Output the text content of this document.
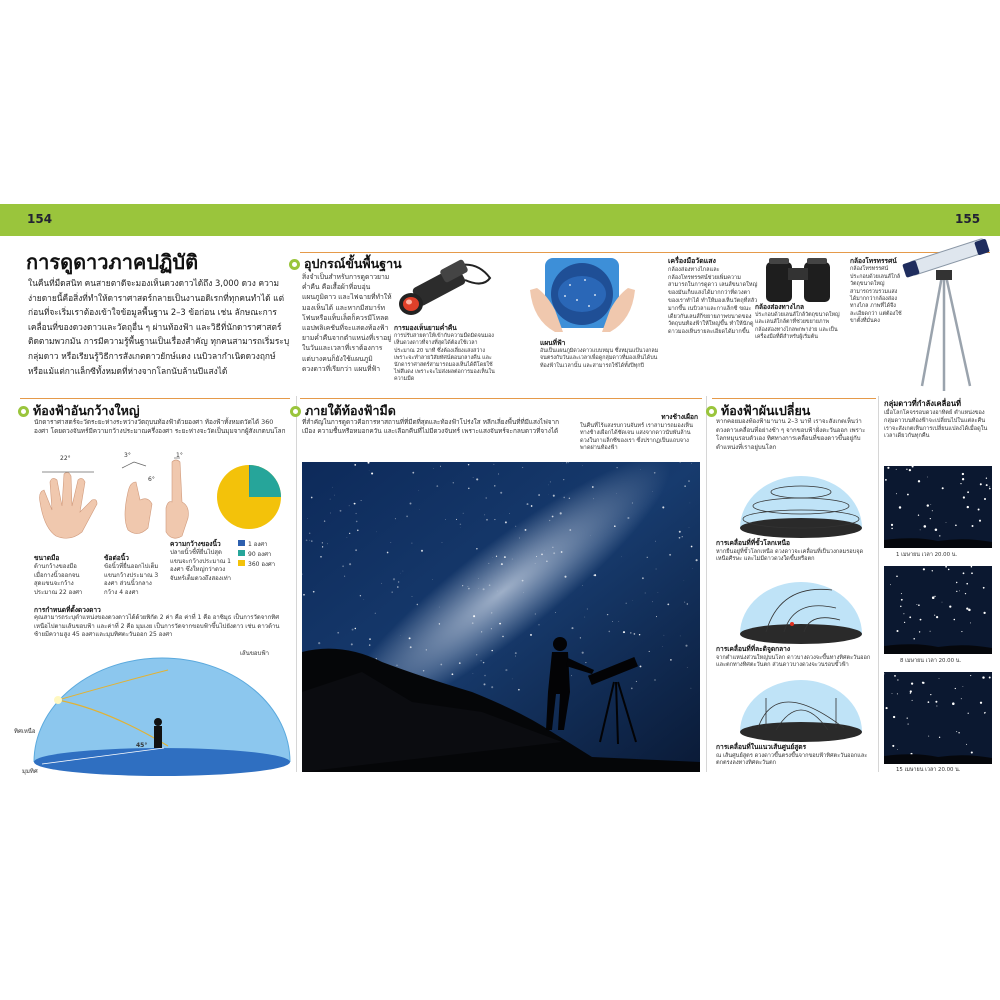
154	155
การดูดาวภาคปฏิบัติ
ในคืนที่มืดสนิท คนสายตาดีจะมองเห็นดวงดาวได้ถึง 3,000 ดวง ความง่ายดายนี้คือสิ่งที่ทำให้ดาราศาสตร์กลายเป็นงานอดิเรกที่ทุกคนทำได้ แต่ก่อนที่จะเริ่มเราต้องเข้าใจข้อมูลพื้นฐาน 2–3 ข้อก่อน เช่น ลักษณะการเคลื่อนที่ของดวงดาวและวัตถุอื่น ๆ ผ่านท้องฟ้า และวิธีที่นักดาราศาสตร์ติดตามพวกมัน การมีความรู้พื้นฐานเป็นเรื่องสำคัญ ทุกคนสามารถเริ่มระบุกลุ่มดาว หรือเรียนรู้วิธีการสังเกตดาวยักษ์แดง เนบิวลากำเนิดดวงฤกษ์ หรือแม้แต่กาแล็กซีทั้งหมดที่ห่างจากโลกนับล้านปีแสงได้
อุปกรณ์ขั้นพื้นฐาน
สิ่งจำเป็นสำหรับการดูดาวยามค่ำคืน คือเสื้อผ้าที่อบอุ่น แผนภูมิดาว และไฟฉายที่ทำให้มองเห็นได้ และหากมีสมาร์ทโฟนหรือแท็บเล็ตก็ควรมีโหลดแอปพลิเคชันที่จะแสดงท้องฟ้ายามค่ำคืนจากตำแหน่งที่เราอยู่ในวันและเวลาที่เราต้องการ แต่บางคนก็ยังใช้แผนภูมิดวงดาวที่เรียกว่า แผนที่ฟ้า
การมองเห็นยามค่ำคืน
การปรับสายตาให้เข้ากับความมืดมิดจนมองเห็นดวงดาวที่จางที่สุดได้ต้องใช้เวลาประมาณ 20 นาที ซึ่งต้องเลี่ยงแสงสว่างเพราะจะทำลายวิสัยทัศน์ตอนกลางคืน และนักดาราศาสตร์สามารถมองเห็นได้ดีโดยใช้ไฟสีแดง เพราะจะไม่ส่งผลต่อการมองเห็นในความมืด
แผนที่ฟ้า
อันเป็นแผนภูมิดวงดาวแบบหมุน ซึ่งหมุนแป้นวงกลมจนตรงกับวันและเวลาเพื่อดูกลุ่มดาวที่มองเห็นได้บนท้องฟ้าในเวลานั้น และสามารถใช้ได้ทั้งปีทุกปี
เครื่องมือวัดแสง
กล้องส่องทางไกลและกล้องโทรทรรศน์ช่วยเพิ่มความสามารถในการดูดาว เลนส์ขนาดใหญ่ของมันเก็บแสงได้มากกว่าที่ดวงตาของเราทำได้ ทำให้มองเห็นวัตถุที่สลัวมากขึ้น เนบิวลาและกาแล็กซี ขณะเดียวกันเลนส์ก็ขยายภาพขนาดของวัตถุบนท้องฟ้าให้ใหญ่ขึ้น ทำให้นักดูดาวมองเห็นรายละเอียดได้มากขึ้น
กล้องส่องทางไกล
ประกอบด้วยเลนส์ใกล้วัตถุขนาดใหญ่ และเลนส์ใกล้ตาที่ช่วยขยายภาพ กล้องส่องทางไกลพกพาง่าย และเป็นเครื่องมือที่ดีสำหรับผู้เริ่มต้น
กล้องโทรทรรศน์
กล้องโทรทรรศน์ประกอบด้วยเลนส์ใกล้วัตถุขนาดใหญ่ สามารถรวบรวมแสงได้มากกว่ากล้องส่องทางไกล ภาพที่ได้จึงละเอียดกว่า แต่ต้องใช้ขาตั้งที่มั่นคง
ท้องฟ้าอันกว้างใหญ่
นักดาราศาสตร์จะวัดระยะห่างระหว่างวัตถุบนท้องฟ้าด้วยองศา ท้องฟ้าทั้งหมดวัดได้ 360 องศา โดยดวงจันทร์มีความกว้างประมาณครึ่งองศา ระยะห่างจะวัดเป็นมุมจากผู้สังเกตบนโลก
22°	3°
6°
1°
ขนาดมือ
ด้านกว้างของมือเมื่อกางนิ้วออกจนสุดแขนจะกว้างประมาณ 22 องศา
ข้อต่อนิ้ว
ข้อนิ้วที่ยื่นออกไปเต็มแขนกว้างประมาณ 3 องศา ส่วนนิ้วกลางกว้าง 4 องศา
ความกว้างของนิ้ว
ปลายนิ้วชี้ที่ยื่นไปสุดแขนจะกว้างประมาณ 1 องศา ซึ่งใหญ่กว่าดวงจันทร์เต็มดวงถึงสองเท่า
1 องศา
90 องศา
360 องศา
การกำหนดที่ตั้งดวงดาว
คุณสามารถระบุตำแหน่งของดวงดาวได้ด้วยพิกัด 2 ค่า คือ ค่าที่ 1 คือ อาซิมุธ เป็นการวัดจากทิศเหนือไปตามเส้นขอบฟ้า และค่าที่ 2 คือ มุมเงย เป็นการวัดจากขอบฟ้าขึ้นไปยังดาว เช่น ดาวด้านซ้ายมีความสูง 45 องศาและมุมทิศตะวันออก 25 องศา
เส้นขอบฟ้า
ทิศเหนือ
มุมทิศ
45°
ภายใต้ท้องฟ้ามืด
ที่สำคัญในการดูดาวคือการหาสถานที่ที่มืดที่สุดและท้องฟ้าโปร่งใส หลีกเลี่ยงพื้นที่ที่มีแสงไฟจากเมือง ความชื้นหรือหมอกควัน และเลือกคืนที่ไม่มีดวงจันทร์ เพราะแสงจันทร์จะกลบดาวที่จางได้
ทางช้างเผือก
ในคืนที่ไร้แสงรบกวนจันทร์ เราสามารถมองเห็นทางช้างเผือกได้ชัดเจน แสงจากดาวนับพันล้านดวงในกาแล็กซีของเรา ซึ่งปรากฏเป็นแถบจางพาดผ่านท้องฟ้า
ท้องฟ้าผันเปลี่ยน
หากคอยมองท้องฟ้ามานาน 2–3 นาที เราจะสังเกตเห็นว่าดวงดาวเคลื่อนที่อย่างช้า ๆ จากขอบฟ้าฝั่งตะวันออก เพราะโลกหมุนรอบตัวเอง ทิศทางการเคลื่อนที่ของดาวขึ้นอยู่กับตำแหน่งที่เราอยู่บนโลก
การเคลื่อนที่ที่ขั้วโลกเหนือ
หากยืนอยู่ที่ขั้วโลกเหนือ ดวงดาวจะเคลื่อนที่เป็นวงกลมรอบจุดเหนือศีรษะ และไม่มีดาวดวงใดขึ้นหรือตก
การเคลื่อนที่ที่ละติจูดกลาง
จากตำแหน่งส่วนใหญ่บนโลก ดาวบางดวงจะขึ้นทางทิศตะวันออกและตกทางทิศตะวันตก ส่วนดาวบางดวงจะวนรอบขั้วฟ้า
การเคลื่อนที่ในแนวเส้นศูนย์สูตร
ณ เส้นศูนย์สูตร ดวงดาวขึ้นตรงขึ้นจากขอบฟ้าทิศตะวันออกและตกตรงลงทางทิศตะวันตก
กลุ่มดาวที่กำลังเคลื่อนที่
เมื่อโลกโคจรรอบดวงอาทิตย์ ตำแหน่งของกลุ่มดาวบนท้องฟ้าจะเปลี่ยนไปในแต่ละคืน เราจะสังเกตเห็นการเปลี่ยนแปลงได้เมื่อดูในเวลาเดียวกันทุกคืน
1 เมษายน เวลา 20.00 น.
8 เมษายน เวลา 20.00 น.
15 เมษายน เวลา 20.00 น.
